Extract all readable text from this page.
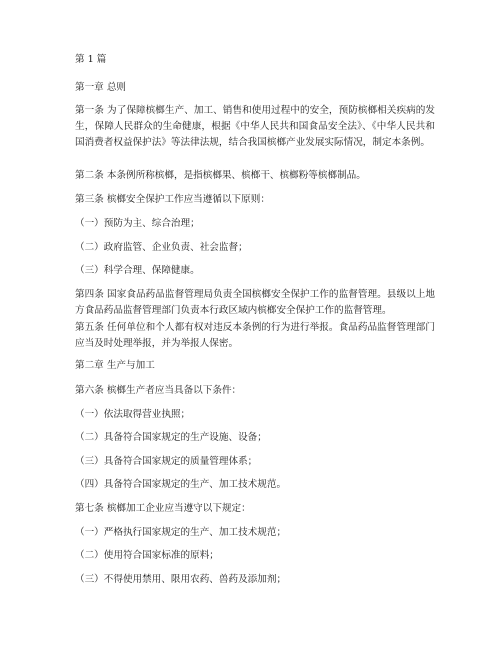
第 1 篇
第一章 总则
第一条 为了保障槟榔生产、加工、销售和使用过程中的安全，预防槟榔相关疾病的发生，保障人民群众的生命健康，根据《中华人民共和国食品安全法》、《中华人民共和国消费者权益保护法》等法律法规，结合我国槟榔产业发展实际情况，制定本条例。
第二条 本条例所称槟榔，是指槟榔果、槟榔干、槟榔粉等槟榔制品。
第三条 槟榔安全保护工作应当遵循以下原则：
（一）预防为主、综合治理；
（二）政府监管、企业负责、社会监督；
（三）科学合理、保障健康。
第四条 国家食品药品监督管理局负责全国槟榔安全保护工作的监督管理。县级以上地方食品药品监督管理部门负责本行政区域内槟榔安全保护工作的监督管理。
第五条 任何单位和个人都有权对违反本条例的行为进行举报。食品药品监督管理部门应当及时处理举报，并为举报人保密。
第二章 生产与加工
第六条 槟榔生产者应当具备以下条件：
（一）依法取得营业执照；
（二）具备符合国家规定的生产设施、设备；
（三）具备符合国家规定的质量管理体系；
（四）具备符合国家规定的生产、加工技术规范。
第七条 槟榔加工企业应当遵守以下规定：
（一）严格执行国家规定的生产、加工技术规范；
（二）使用符合国家标准的原料；
（三）不得使用禁用、限用农药、兽药及添加剂；
